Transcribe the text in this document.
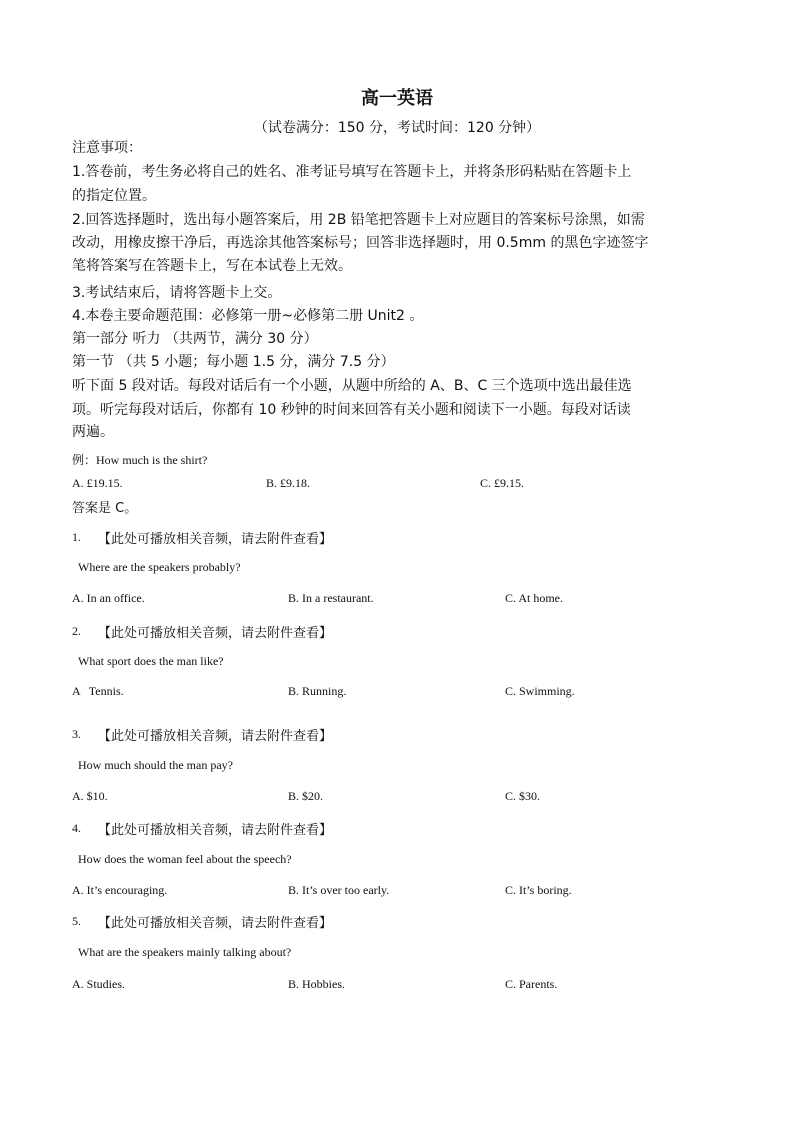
高一英语
（试卷满分：150 分，考试时间：120 分钟）
注意事项：
1.答卷前，考生务必将自己的姓名、准考证号填写在答题卡上，并将条形码粘贴在答题卡上
的指定位置。
2.回答选择题时，选出每小题答案后，用 2B 铅笔把答题卡上对应题目的答案标号涂黑，如需
改动，用橡皮擦干净后，再选涂其他答案标号；回答非选择题时，用 0.5mm 的黑色字迹签字
笔将答案写在答题卡上，写在本试卷上无效。
3.考试结束后，请将答题卡上交。
4.本卷主要命题范围：必修第一册~必修第二册 Unit2 。
第一部分 听力 （共两节，满分 30 分）
第一节 （共 5 小题；每小题 1.5 分，满分 7.5 分）
听下面 5 段对话。每段对话后有一个小题，从题中所给的 A、B、C 三个选项中选出最佳选
项。听完每段对话后，你都有 10 秒钟的时间来回答有关小题和阅读下一小题。每段对话读
两遍。
例：How much is the shirt?
A. £19.15.	B. £9.18.	C. £9.15.
答案是 C。
1. 【此处可播放相关音频，请去附件查看】
Where are the speakers probably?
A. In an office.	B. In a restaurant.	C. At home.
2. 【此处可播放相关音频，请去附件查看】
What sport does the man like?
A   Tennis.	B. Running.	C. Swimming.
3. 【此处可播放相关音频，请去附件查看】
How much should the man pay?
A. $10.	B. $20.	C. $30.
4. 【此处可播放相关音频，请去附件查看】
How does the woman feel about the speech?
A. It’s encouraging.	B. It’s over too early.	C. It’s boring.
5. 【此处可播放相关音频，请去附件查看】
What are the speakers mainly talking about?
A. Studies.	B. Hobbies.	C. Parents.
